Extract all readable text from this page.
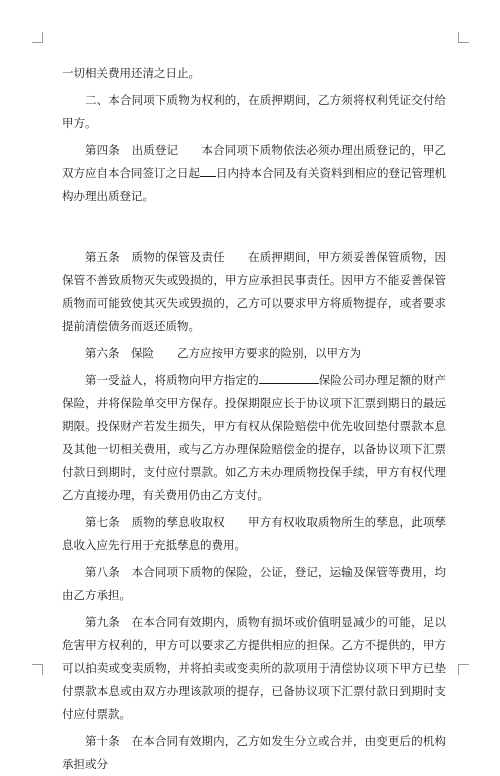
一切相关费用还清之日止。

二、本合同项下质物为权利的，在质押期间，乙方须将权利凭证交付给甲方。

第四条　出质登记　　本合同项下质物依法必须办理出质登记的，甲乙双方应自本合同签订之日起 日内持本合同及有关资料到相应的登记管理机构办理出质登记。

第五条　质物的保管及责任　　在质押期间，甲方须妥善保管质物，因保管不善致质物灭失或毁损的，甲方应承担民事责任。因甲方不能妥善保管质物而可能致使其灭失或毁损的，乙方可以要求甲方将质物提存，或者要求提前清偿债务而返还质物。

第六条　保险　　乙方应按甲方要求的险别，以甲方为

第一受益人，将质物向甲方指定的	保险公司办理足额的财产保险，并将保险单交甲方保存。投保期限应长于协议项下汇票到期日的最远期限。投保财产若发生损失，甲方有权从保险赔偿中优先收回垫付票款本息及其他一切相关费用，或与乙方办理保险赔偿金的提存，以备协议项下汇票付款日到期时，支付应付票款。如乙方未办理质物投保手续，甲方有权代理乙方直接办理，有关费用仍由乙方支付。

第七条　质物的孳息收取权　　甲方有权收取质物所生的孳息，此项孳息收入应先行用于充抵孳息的费用。

第八条　本合同项下质物的保险，公证，登记，运输及保管等费用，均由乙方承担。

第九条　在本合同有效期内，质物有损坏或价值明显减少的可能，足以危害甲方权利的，甲方可以要求乙方提供相应的担保。乙方不提供的，甲方可以拍卖或变卖质物，并将拍卖或变卖所的款项用于清偿协议项下甲方已垫付票款本息或由双方办理该款项的提存，已备协议项下汇票付款日到期时支付应付票款。

第十条　在本合同有效期内，乙方如发生分立或合并，由变更后的机构承担或分
